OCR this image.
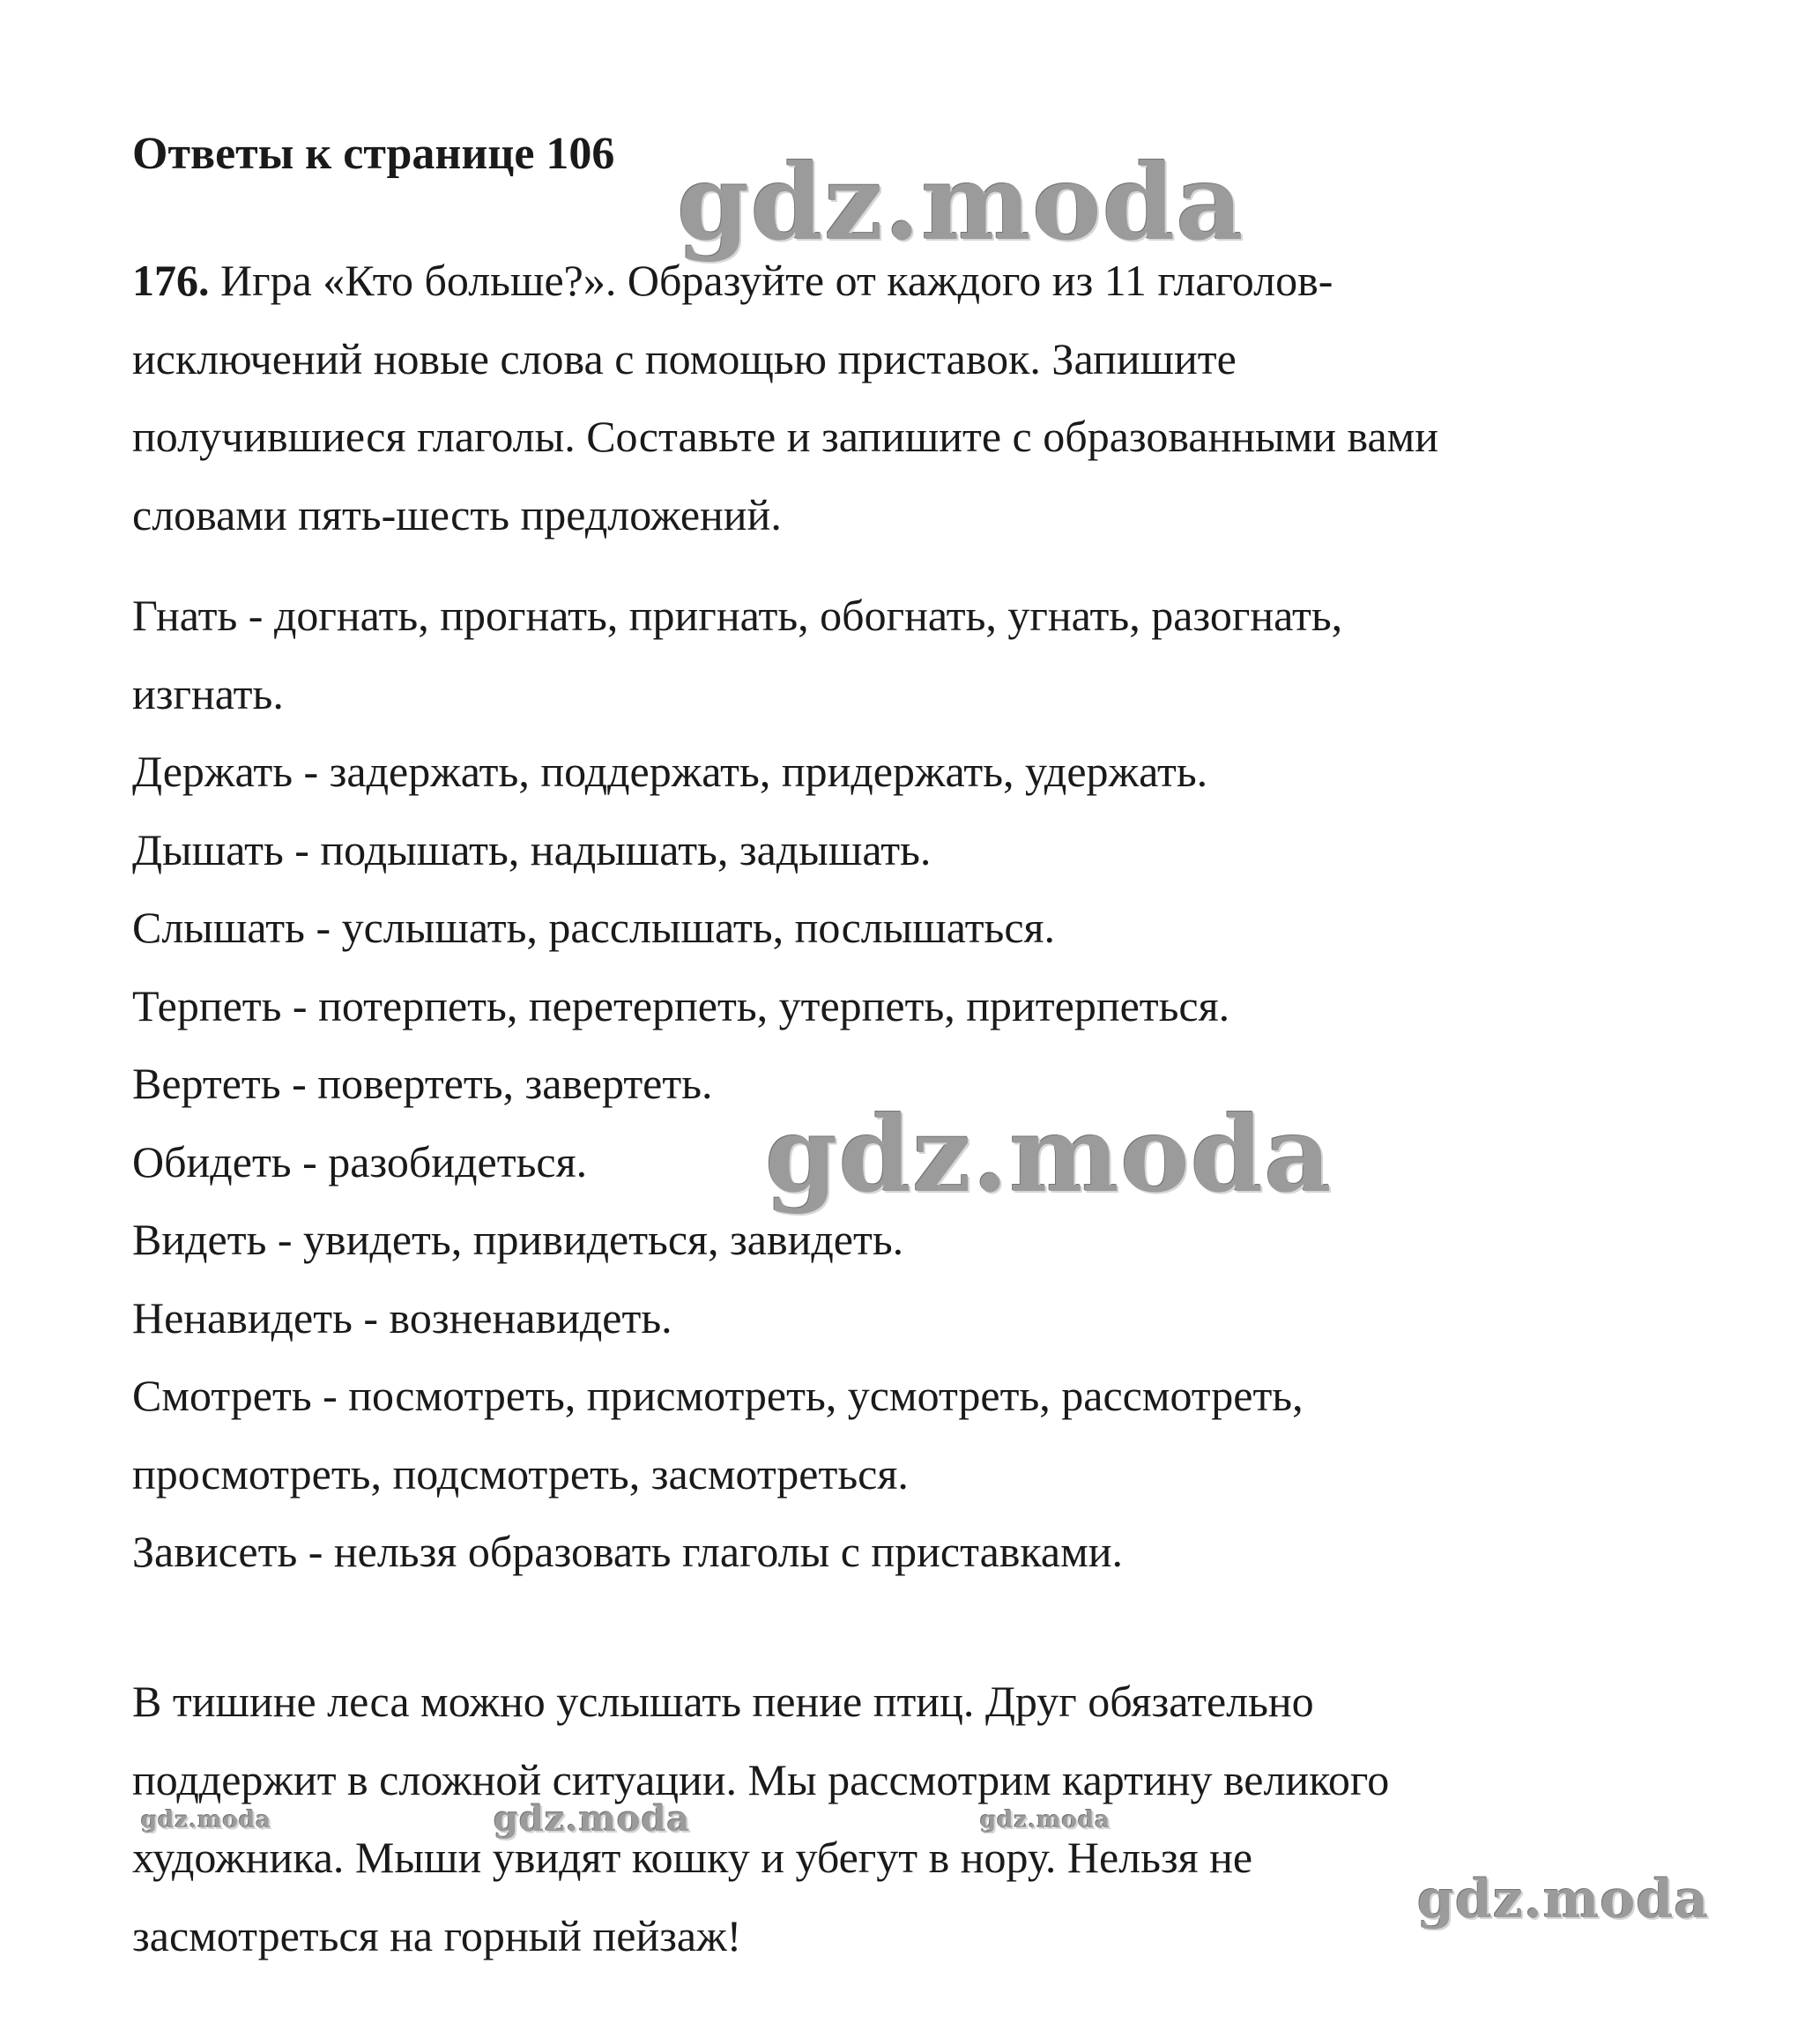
Ответы к странице 106
176. Игра «Кто больше?». Образуйте от каждого из 11 глаголов-
исключений новые слова с помощью приставок. Запишите
получившиеся глаголы. Составьте и запишите с образованными вами
словами пять-шесть предложений.
Гнать - догнать, прогнать, пригнать, обогнать, угнать, разогнать,
изгнать.
Держать - задержать, поддержать, придержать, удержать.
Дышать - подышать, надышать, задышать.
Слышать - услышать, расслышать, послышаться.
Терпеть - потерпеть, перетерпеть, утерпеть, притерпеться.
Вертеть - повертеть, завертеть.
Обидеть - разобидеться.
Видеть - увидеть, привидеться, завидеть.
Ненавидеть - возненавидеть.
Смотреть - посмотреть, присмотреть, усмотреть, рассмотреть,
просмотреть, подсмотреть, засмотреться.
Зависеть - нельзя образовать глаголы с приставками.
В тишине леса можно услышать пение птиц. Друг обязательно
поддержит в сложной ситуации. Мы рассмотрим картину великого
художника. Мыши увидят кошку и убегут в нору. Нельзя не
засмотреться на горный пейзаж!
gdz.moda
gdz.moda
gdz.moda
gdz.moda	gdz.moda	gdz.moda
